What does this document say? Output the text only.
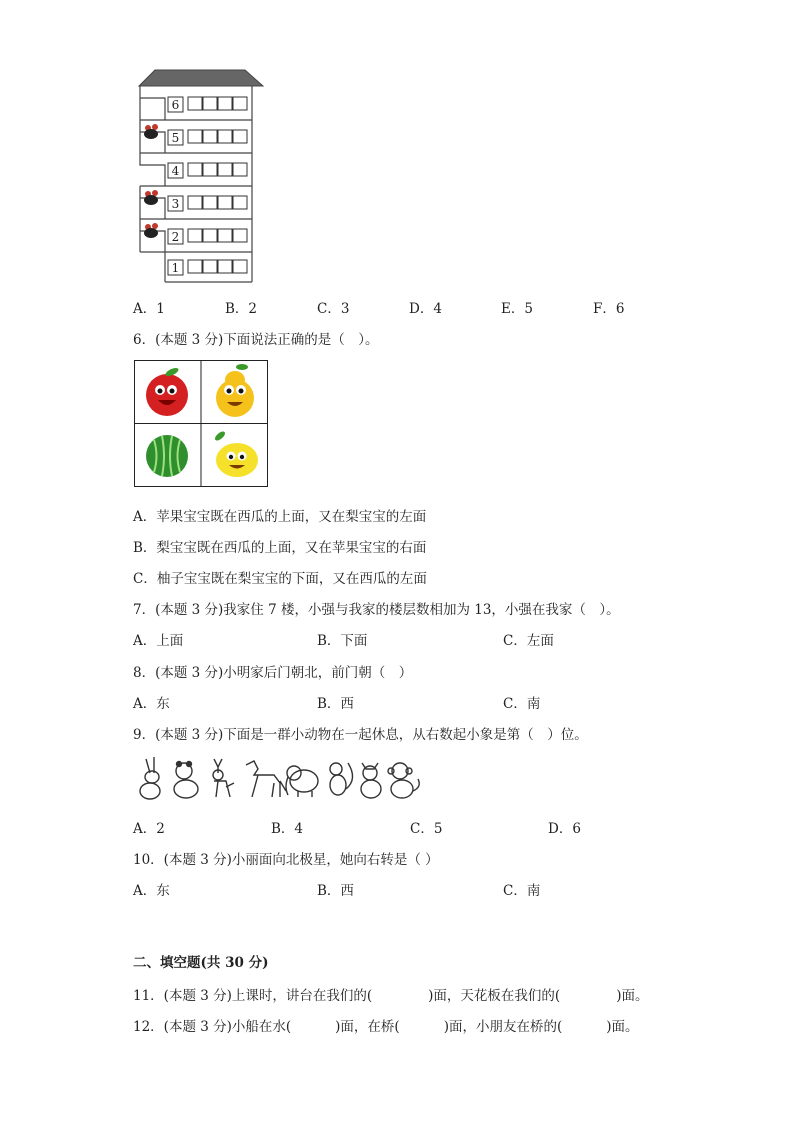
6
5
4
3
2
1
A．1	B．2	C．3	D．4	E．5	F．6
6．(本题 3 分)下面说法正确的是（　）。
A．苹果宝宝既在西瓜的上面，又在梨宝宝的左面
B．梨宝宝既在西瓜的上面，又在苹果宝宝的右面
C．柚子宝宝既在梨宝宝的下面，又在西瓜的左面
7．(本题 3 分)我家住 7 楼，小强与我家的楼层数相加为 13，小强在我家（　）。
A．上面	B．下面	C．左面
8．(本题 3 分)小明家后门朝北，前门朝（　）
A．东	B．西	C．南
9．(本题 3 分)下面是一群小动物在一起休息，从右数起小象是第（　）位。
A．2	B．4	C．5	D．6
10．(本题 3 分)小丽面向北极星，她向右转是（ ）
A．东	B．西	C．南
二、填空题(共 30 分)
11．(本题 3 分)上课时，讲台在我们的(	)面，天花板在我们的(	)面。
12．(本题 3 分)小船在水(	)面，在桥(	)面，小朋友在桥的(	)面。
